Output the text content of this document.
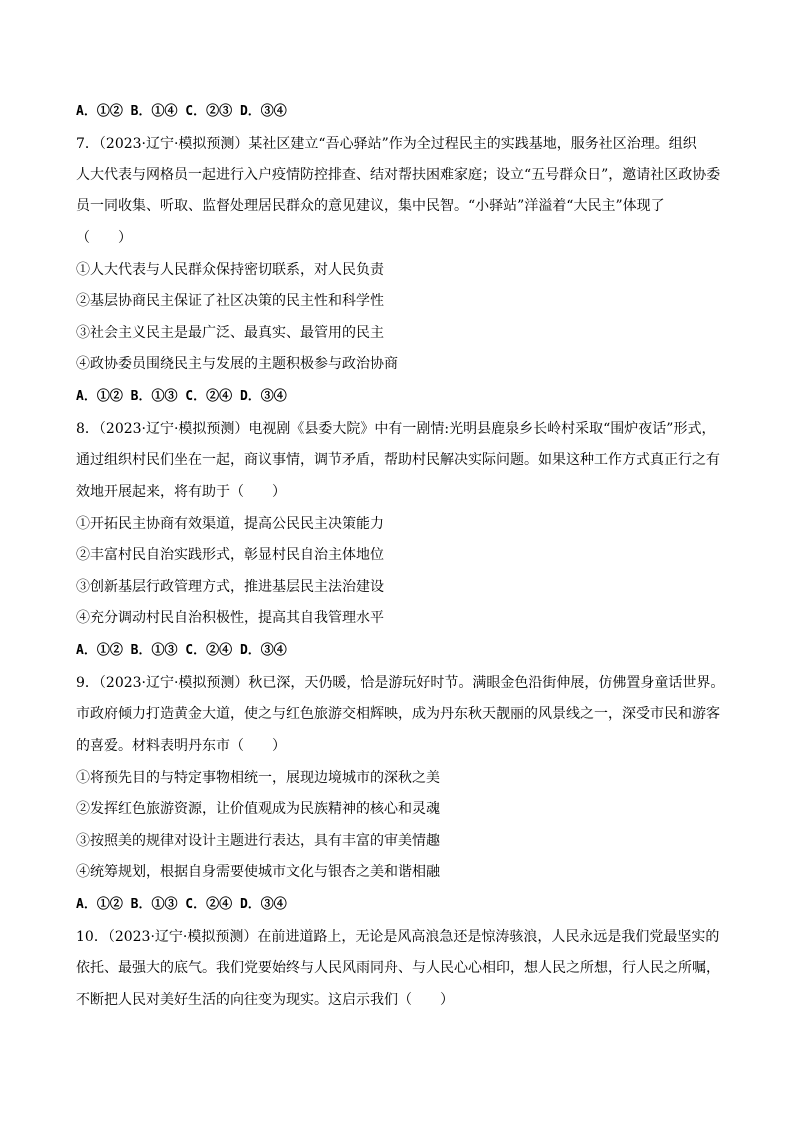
A．①② B．①④ C．②③ D．③④
7．（2023·辽宁·模拟预测）某社区建立“吾心驿站”作为全过程民主的实践基地，服务社区治理。组织
人大代表与网格员一起进行入户疫情防控排查、结对帮扶困难家庭；设立“五号群众日”，邀请社区政协委
员一同收集、听取、监督处理居民群众的意见建议，集中民智。“小驿站”洋溢着“大民主”体现了
（　　）
①人大代表与人民群众保持密切联系，对人民负责
②基层协商民主保证了社区决策的民主性和科学性
③社会主义民主是最广泛、最真实、最管用的民主
④政协委员围绕民主与发展的主题积极参与政治协商
A．①② B．①③ C．②④ D．③④
8．（2023·辽宁·模拟预测）电视剧《县委大院》中有一剧情:光明县鹿泉乡长岭村采取“围炉夜话”形式，
通过组织村民们坐在一起，商议事情，调节矛盾，帮助村民解决实际问题。如果这种工作方式真正行之有
效地开展起来，将有助于（　　）
①开拓民主协商有效渠道，提高公民民主决策能力
②丰富村民自治实践形式，彰显村民自治主体地位
③创新基层行政管理方式，推进基层民主法治建设
④充分调动村民自治积极性，提高其自我管理水平
A．①② B．①③ C．②④ D．③④
9．（2023·辽宁·模拟预测）秋已深，天仍暖，恰是游玩好时节。满眼金色沿街伸展，仿佛置身童话世界。
市政府倾力打造黄金大道，使之与红色旅游交相辉映，成为丹东秋天靓丽的风景线之一，深受市民和游客
的喜爱。材料表明丹东市（　　）
①将预先目的与特定事物相统一，展现边境城市的深秋之美
②发挥红色旅游资源，让价值观成为民族精神的核心和灵魂
③按照美的规律对设计主题进行表达，具有丰富的审美情趣
④统筹规划，根据自身需要使城市文化与银杏之美和谐相融
A．①② B．①③ C．②④ D．③④
10．（2023·辽宁·模拟预测）在前进道路上，无论是风高浪急还是惊涛骇浪，人民永远是我们党最坚实的
依托、最强大的底气。我们党要始终与人民风雨同舟、与人民心心相印，想人民之所想，行人民之所嘱，
不断把人民对美好生活的向往变为现实。这启示我们（　　）
